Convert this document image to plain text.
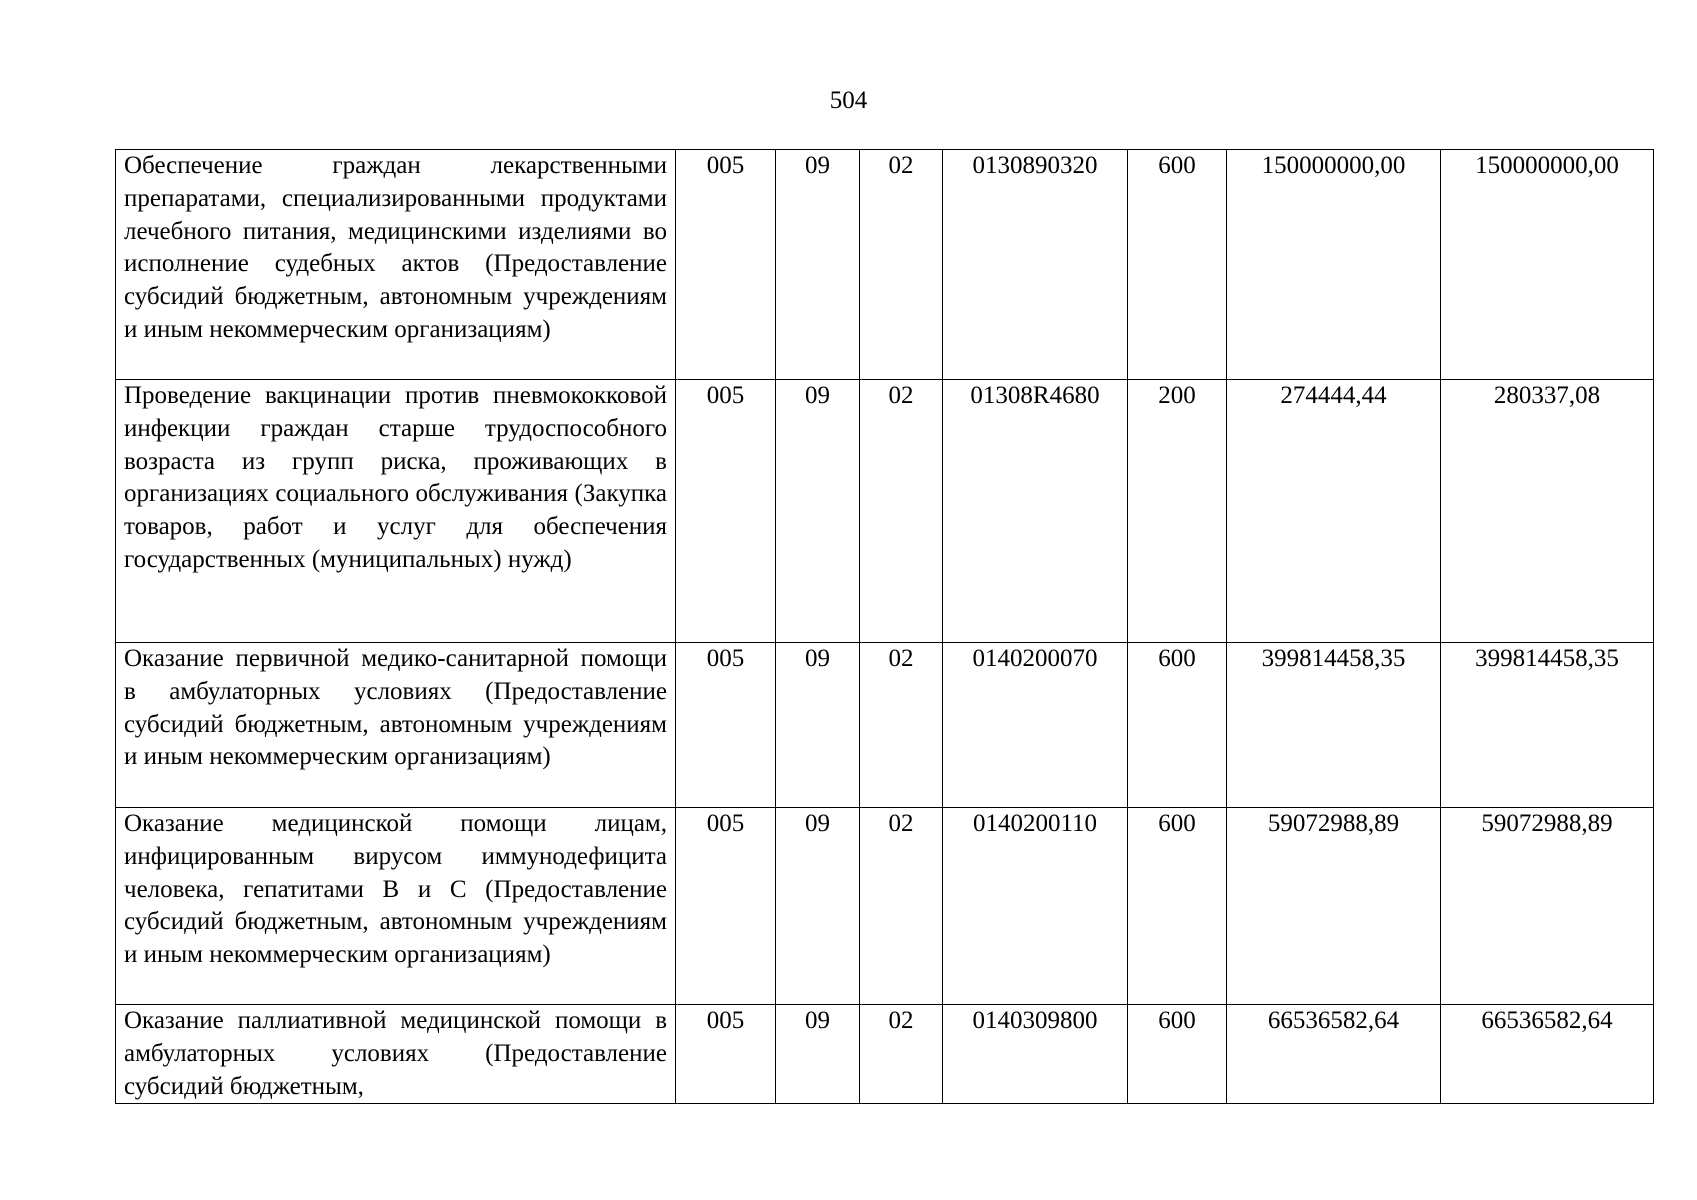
504
Обеспечение граждан лекарственными препаратами, специализированными продуктами лечебного питания, медицинскими изделиями во исполнение судебных актов (Предоставление субсидий бюджетным, автономным учреждениям и иным некоммерческим организациям)	005	09	02	0130890320	600	150000000,00	150000000,00
Проведение вакцинации против пневмококковой инфекции граждан старше трудоспособного возраста из групп риска, проживающих в организациях социального обслуживания (Закупка товаров, работ и услуг для обеспечения государственных (муниципальных) нужд)	005	09	02	01308R4680	200	274444,44	280337,08
Оказание первичной медико-санитарной помощи в амбулаторных условиях (Предоставление субсидий бюджетным, автономным учреждениям и иным некоммерческим организациям)	005	09	02	0140200070	600	399814458,35	399814458,35
Оказание медицинской помощи лицам, инфицированным вирусом иммунодефицита человека, гепатитами B и C (Предоставление субсидий бюджетным, автономным учреждениям и иным некоммерческим организациям)	005	09	02	0140200110	600	59072988,89	59072988,89
Оказание паллиативной медицинской помощи в амбулаторных условиях (Предоставление субсидий бюджетным,	005	09	02	0140309800	600	66536582,64	66536582,64
